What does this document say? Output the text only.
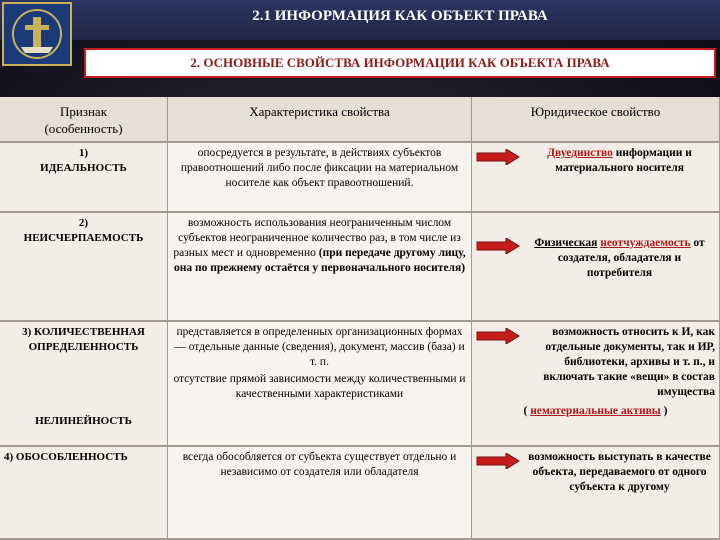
2.1 ИНФОРМАЦИЯ КАК ОБЪЕКТ ПРАВА
2. ОСНОВНЫЕ СВОЙСТВА ИНФОРМАЦИИ КАК ОБЪЕКТА ПРАВА
Признак
(особенность)
Характеристика свойства	Юридическое свойство
1)
ИДЕАЛЬНОСТЬ
опосредуется в результате, в действиях субъектов правоотношений либо после фиксации на материальном носителе как объект правоотношений.
Двуединство информации и материального носителя
2)
НЕИСЧЕРПАЕМОСТЬ
возможность использования неограниченным числом субъектов неограниченное количество раз, в том числе из разных мест и одновременно (при передаче другому лицу, она по прежнему остаётся у первоначального носителя)
Физическая неотчуждаемость от создателя, обладателя и потребителя
3) КОЛИЧЕСТВЕННАЯ ОПРЕДЕЛЕННОСТЬ
НЕЛИНЕЙНОСТЬ
представляется в определенных организационных формах — отдельные данные (сведения), документ, массив (база) и т. п.
отсутствие прямой зависимости между количественными и качественными характеристиками
возможность относить к И, как отдельные документы, так и ИР, библиотеки, архивы и т. п., и включать такие «вещи» в состав имущества
( нематериальные активы )
4) ОБОСОБЛЕННОСТЬ	всегда обособляется от субъекта существует отдельно и независимо от создателя или обладателя
возможность выступать в качестве объекта, передаваемого от одного субъекта к другому
